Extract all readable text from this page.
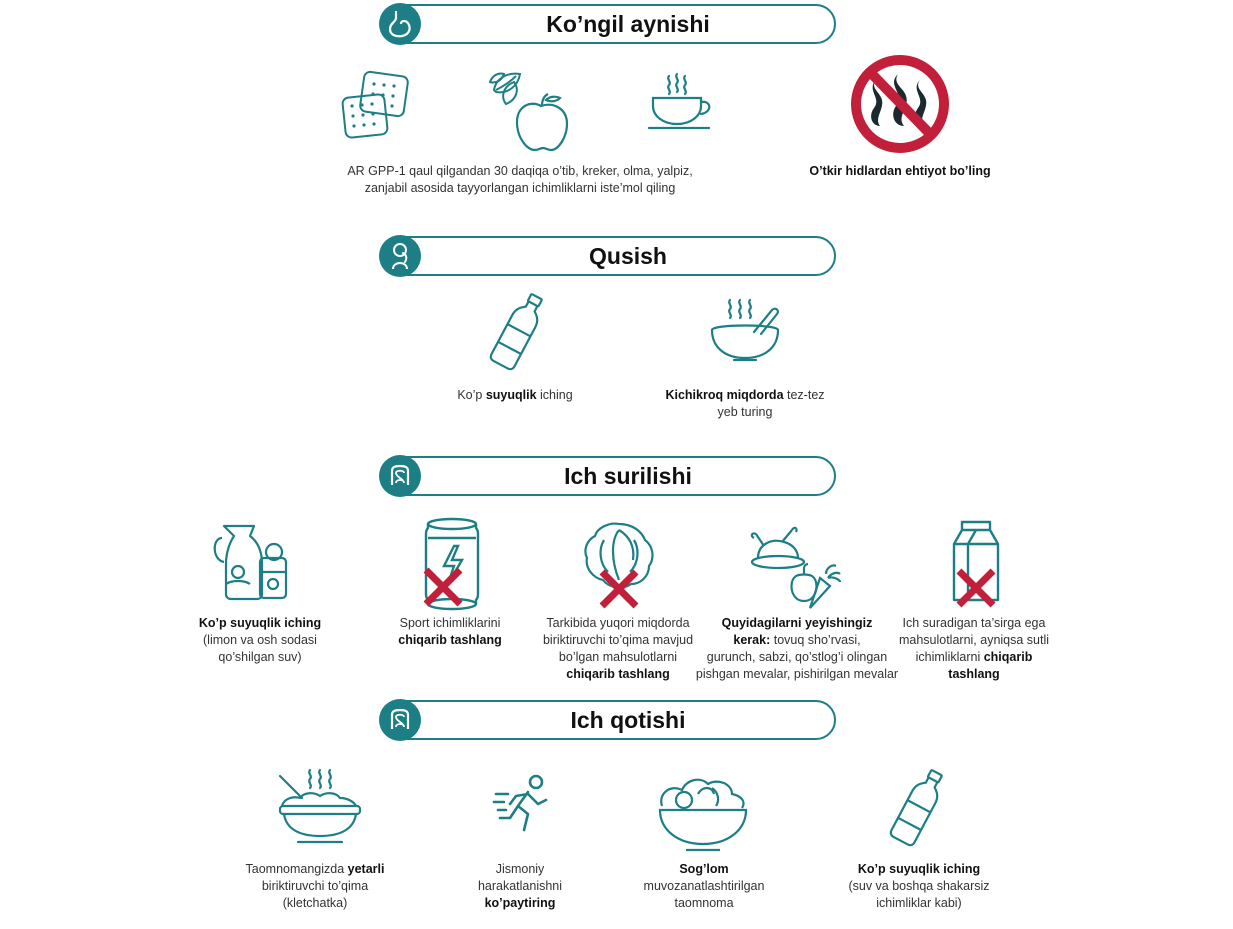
Ko’ngil aynishi
AR GPP-1 qaul qilgandan 30 daqiqa o’tib, kreker, olma, yalpiz,
zanjabil asosida tayyorlangan ichimliklarni iste’mol qiling
O’tkir hidlardan ehtiyot bo’ling
Qusish
Ko’p suyuqlik iching	Kichikroq miqdorda tez-tez
yeb turing
Ich surilishi
Ko’p suyuqlik iching
(limon va osh sodasi
qo’shilgan suv)
Sport ichimliklarini
chiqarib tashlang
Tarkibida yuqori miqdorda
biriktiruvchi to’qima mavjud
bo’lgan mahsulotlarni
chiqarib tashlang
Quyidagilarni yeyishingiz
kerak: tovuq sho’rvasi,
gurunch, sabzi, qo’stlog’i olingan
pishgan mevalar, pishirilgan mevalar
Ich suradigan ta’sirga ega
mahsulotlarni, ayniqsa sutli
ichimliklarni chiqarib
tashlang
Ich qotishi
Taomnomangizda yetarli
biriktiruvchi to’qima
(kletchatka)
Jismoniy
harakatlanishni
ko’paytiring
Sog’lom
muvozanatlashtirilgan
taomnoma
Ko’p suyuqlik iching
(suv va boshqa shakarsiz
ichimliklar kabi)
